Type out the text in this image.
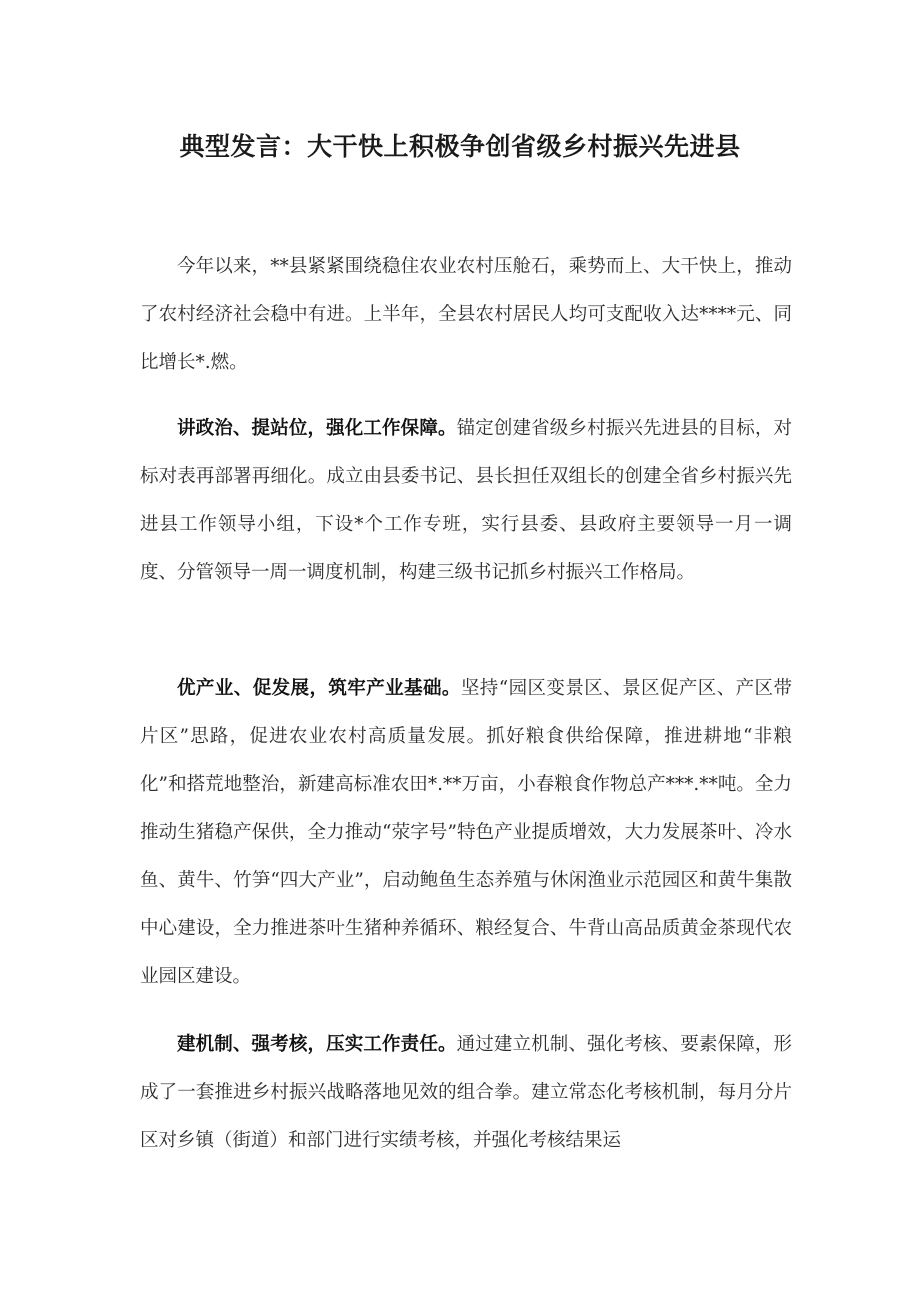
典型发言：大干快上积极争创省级乡村振兴先进县

今年以来，**县紧紧围绕稳住农业农村压舱石，乘势而上、大干快上，推动了农村经济社会稳中有进。上半年，全县农村居民人均可支配收入达****元、同比增长*.燃。

讲政治、提站位，强化工作保障。锚定创建省级乡村振兴先进县的目标，对标对表再部署再细化。成立由县委书记、县长担任双组长的创建全省乡村振兴先进县工作领导小组，下设*个工作专班，实行县委、县政府主要领导一月一调度、分管领导一周一调度机制，构建三级书记抓乡村振兴工作格局。

优产业、促发展，筑牢产业基础。坚持“园区变景区、景区促产区、产区带片区”思路，促进农业农村高质量发展。抓好粮食供给保障，推进耕地“非粮化”和搭荒地整治，新建高标准农田*.**万亩，小春粮食作物总产***.**吨。全力推动生猪稳产保供，全力推动“荥字号”特色产业提质增效，大力发展茶叶、冷水鱼、黄牛、竹笋“四大产业”，启动鲍鱼生态养殖与休闲渔业示范园区和黄牛集散中心建设，全力推进茶叶生猪种养循环、粮经复合、牛背山高品质黄金茶现代农业园区建设。

建机制、强考核，压实工作责任。通过建立机制、强化考核、要素保障，形成了一套推进乡村振兴战略落地见效的组合拳。建立常态化考核机制，每月分片区对乡镇（街道）和部门进行实绩考核，并强化考核结果运
